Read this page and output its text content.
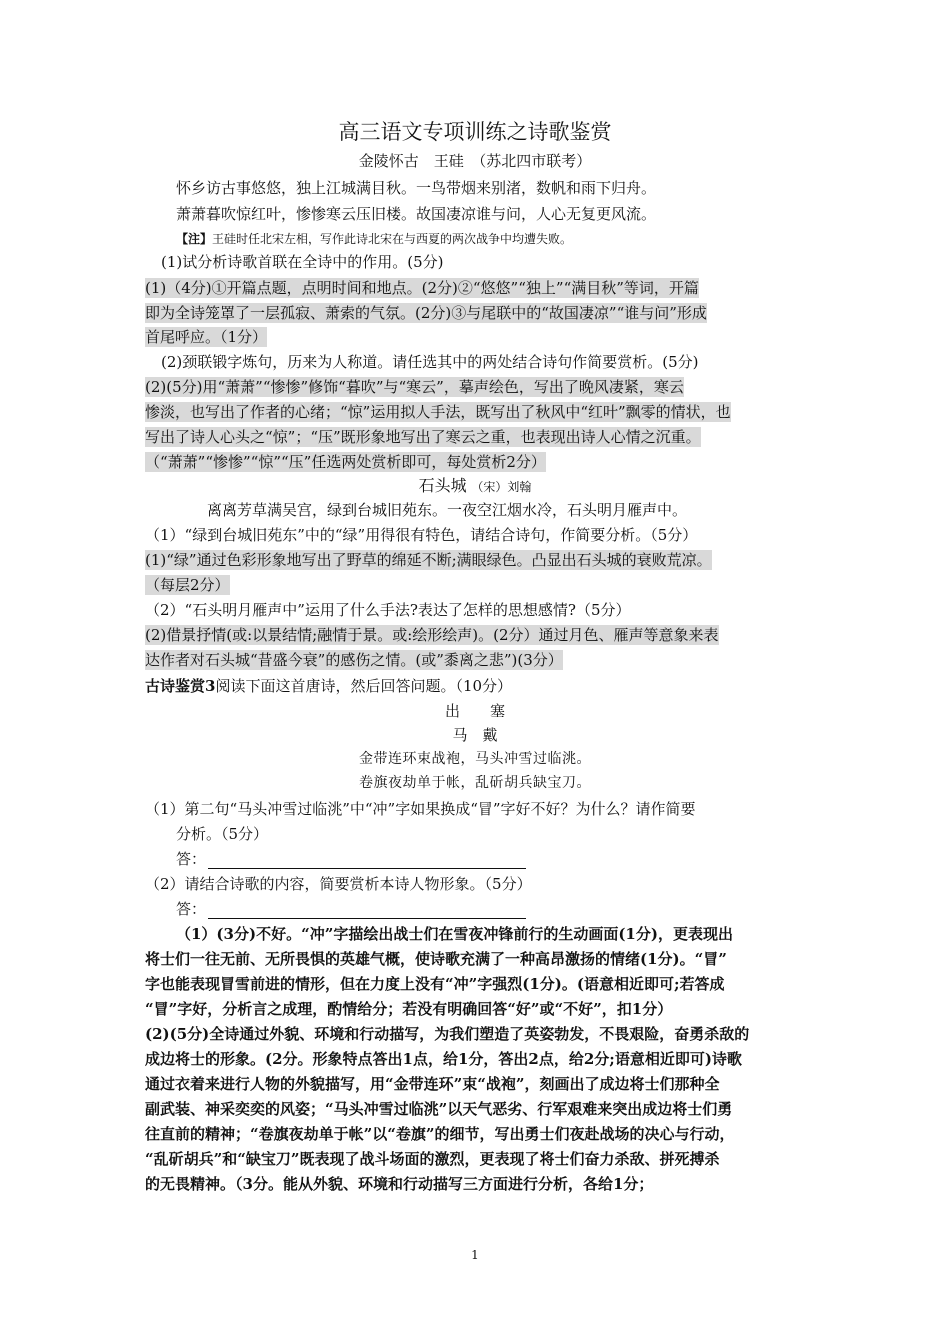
高三语文专项训练之诗歌鉴赏
金陵怀古　王硅　（苏北四市联考）
怀乡访古事悠悠，独上江城满目秋。一鸟带烟来别渚，数帆和雨下归舟。
萧萧暮吹惊红叶，惨惨寒云压旧楼。故国凄凉谁与问，人心无复更风流。
【注】王硅时任北宋左相，写作此诗北宋在与西夏的两次战争中均遭失败。
(1)试分析诗歌首联在全诗中的作用。(5分)
(1)（4分)①开篇点题，点明时间和地点。(2分)②“悠悠”“独上”“满目秋”等词，开篇
即为全诗笼罩了一层孤寂、萧索的气氛。(2分)③与尾联中的“故国凄凉”“谁与问”形成
首尾呼应。（1分）
(2)颈联锻字炼句，历来为人称道。请任选其中的两处结合诗句作简要赏析。(5分)
(2)(5分)用“萧萧”“惨惨”修饰“暮吹”与“寒云”，摹声绘色，写出了晚风凄紧，寒云
惨淡，也写出了作者的心绪；“惊”运用拟人手法，既写出了秋风中“红叶”飘零的情状，也
写出了诗人心头之“惊”；“压”既形象地写出了寒云之重，也表现出诗人心情之沉重。
（“萧萧”“惨惨”“惊”“压”任选两处赏析即可，每处赏析2分）
石头城 （宋）刘翰
离离芳草满吴宫，绿到台城旧苑东。一夜空江烟水冷，石头明月雁声中。
（1）“绿到台城旧苑东”中的“绿”用得很有特色，请结合诗句，作简要分析。（5分）
(1)“绿”通过色彩形象地写出了野草的绵延不断;满眼绿色。凸显出石头城的衰败荒凉。
（每层2分）
（2）“石头明月雁声中”运用了什么手法?表达了怎样的思想感情?（5分）
(2)借景抒情(或:以景结情;融情于景。或:绘形绘声)。(2分）通过月色、雁声等意象来表
达作者对石头城“昔盛今衰”的感伤之情。(或”黍离之悲”)(3分）
古诗鉴赏3阅读下面这首唐诗，然后回答问题。（10分）
出　　塞
马　戴
金带连环束战袍，马头冲雪过临洮。
卷旗夜劫单于帐，乱斫胡兵缺宝刀。
（1）第二句“马头冲雪过临洮”中“冲”字如果换成“冒”字好不好？为什么？请作简要
分析。（5分）
答：
（2）请结合诗歌的内容，简要赏析本诗人物形象。（5分）
答：
（1）(3分)不好。“冲”字描绘出战士们在雪夜冲锋前行的生动画面(1分)，更表现出
将士们一往无前、无所畏惧的英雄气概，使诗歌充满了一种高昂激扬的情绪(1分)。“冒”
字也能表现冒雪前进的情形，但在力度上没有“冲”字强烈(1分)。(语意相近即可;若答成
“冒”字好，分析言之成理，酌情给分；若没有明确回答“好”或“不好”，扣1分）
(2)(5分)全诗通过外貌、环境和行动描写，为我们塑造了英姿勃发，不畏艰险，奋勇杀敌的
成边将士的形象。(2分。形象特点答出1点，给1分，答出2点，给2分;语意相近即可)诗歌
通过衣着来进行人物的外貌描写，用“金带连环”束“战袍”，刻画出了成边将士们那种全
副武装、神采奕奕的风姿；“马头冲雪过临洮”以天气恶劣、行军艰难来突出成边将士们勇
往直前的精神；“卷旗夜劫单于帐”以“卷旗”的细节，写出勇士们夜赴战场的决心与行动，
“乱斫胡兵”和“缺宝刀”既表现了战斗场面的激烈，更表现了将士们奋力杀敌、拼死搏杀
的无畏精神。（3分。能从外貌、环境和行动描写三方面进行分析，各给1分；
1
